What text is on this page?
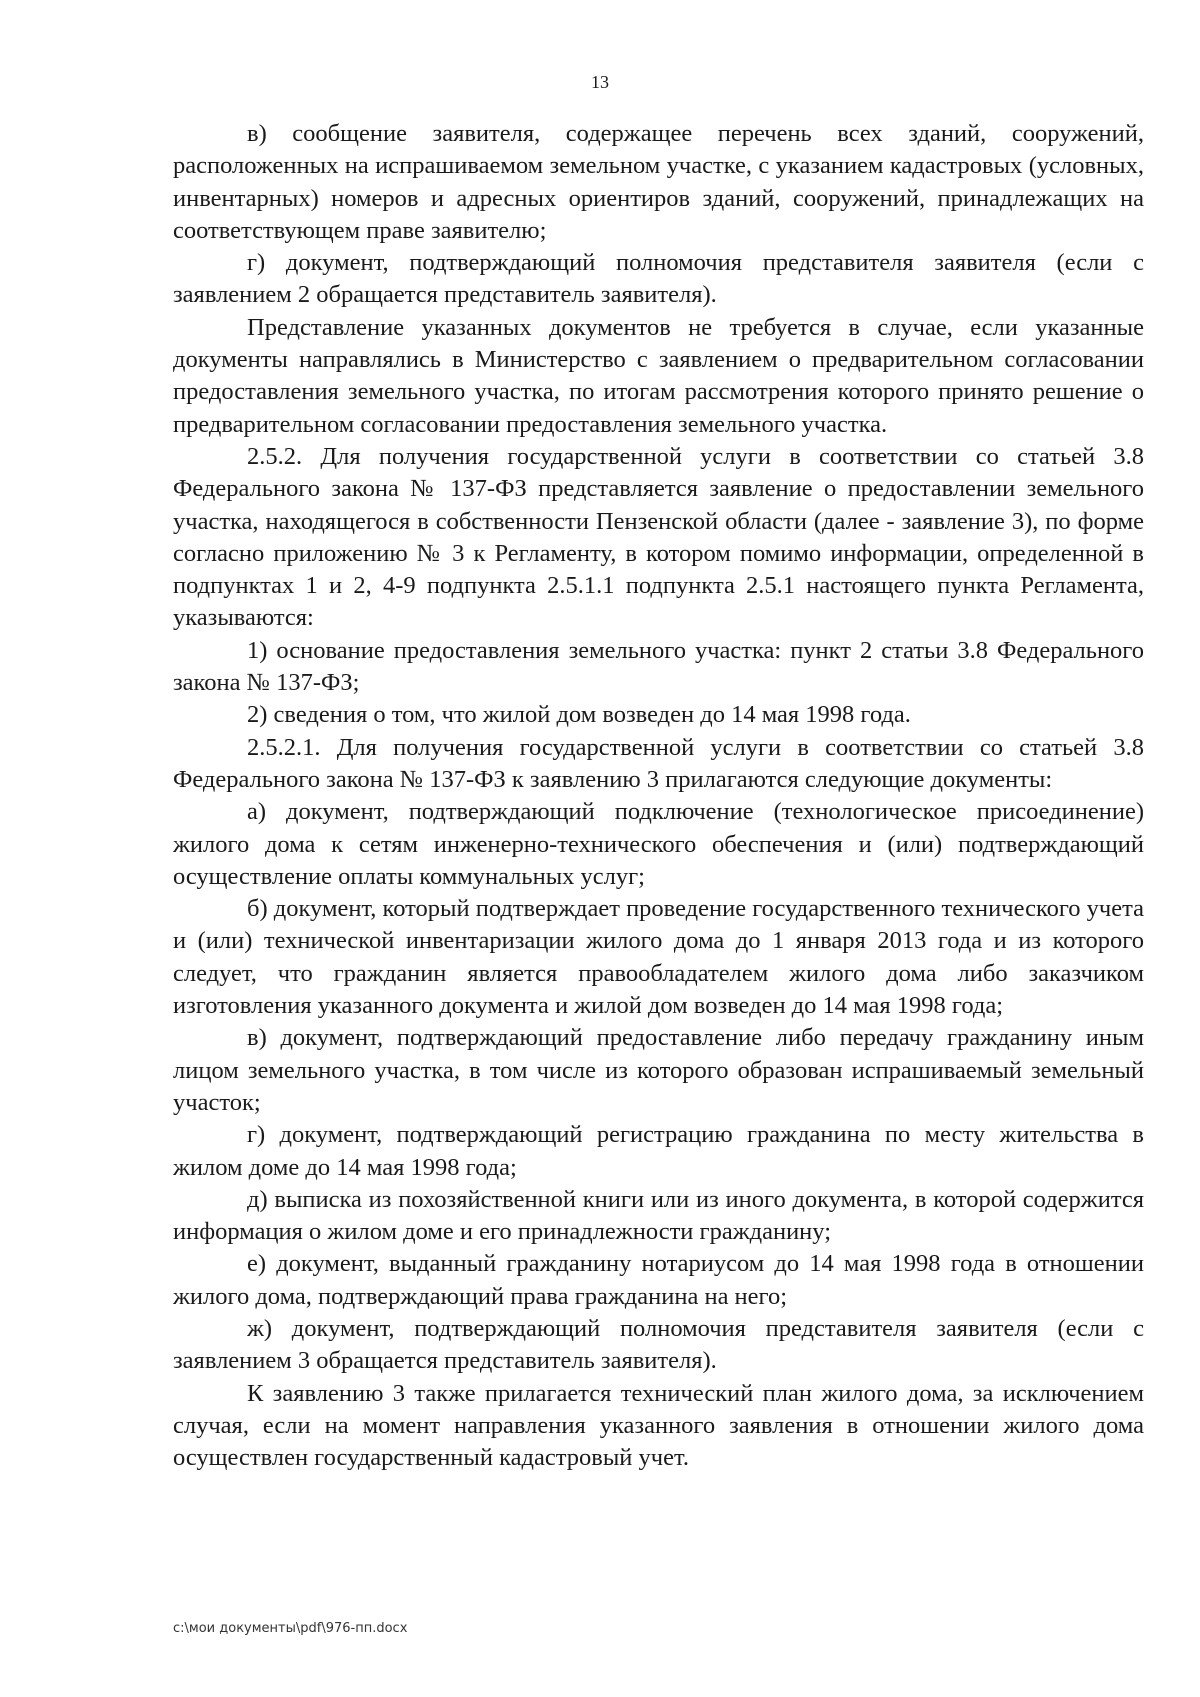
13

в) сообщение заявителя, содержащее перечень всех зданий, сооружений, расположенных на испрашиваемом земельном участке, с указанием кадастровых (условных, инвентарных) номеров и адресных ориентиров зданий, сооружений, принадлежащих на соответствующем праве заявителю;

г) документ, подтверждающий полномочия представителя заявителя (если с заявлением 2 обращается представитель заявителя).

Представление указанных документов не требуется в случае, если указанные документы направлялись в Министерство с заявлением о предварительном согласовании предоставления земельного участка, по итогам рассмотрения которого принято решение о предварительном согласовании предоставления земельного участка.

2.5.2. Для получения государственной услуги в соответствии со статьей 3.8 Федерального закона № 137-ФЗ представляется заявление о предоставлении земельного участка, находящегося в собственности Пензенской области (далее - заявление 3), по форме согласно приложению № 3 к Регламенту, в котором помимо информации, определенной в подпунктах 1 и 2, 4-9 подпункта 2.5.1.1 подпункта 2.5.1 настоящего пункта Регламента, указываются:

1) основание предоставления земельного участка: пункт 2 статьи 3.8 Федерального закона № 137-ФЗ;

2) сведения о том, что жилой дом возведен до 14 мая 1998 года.

2.5.2.1. Для получения государственной услуги в соответствии со статьей 3.8 Федерального закона № 137-ФЗ к заявлению 3 прилагаются следующие документы:

а) документ, подтверждающий подключение (технологическое присоединение) жилого дома к сетям инженерно-технического обеспечения и (или) подтверждающий осуществление оплаты коммунальных услуг;

б) документ, который подтверждает проведение государственного технического учета и (или) технической инвентаризации жилого дома до 1 января 2013 года и из которого следует, что гражданин является правообладателем жилого дома либо заказчиком изготовления указанного документа и жилой дом возведен до 14 мая 1998 года;

в) документ, подтверждающий предоставление либо передачу гражданину иным лицом земельного участка, в том числе из которого образован испрашиваемый земельный участок;

г) документ, подтверждающий регистрацию гражданина по месту жительства в жилом доме до 14 мая 1998 года;

д) выписка из похозяйственной книги или из иного документа, в которой содержится информация о жилом доме и его принадлежности гражданину;

е) документ, выданный гражданину нотариусом до 14 мая 1998 года в отношении жилого дома, подтверждающий права гражданина на него;

ж) документ, подтверждающий полномочия представителя заявителя (если с заявлением 3 обращается представитель заявителя).

К заявлению 3 также прилагается технический план жилого дома, за исключением случая, если на момент направления указанного заявления в отношении жилого дома осуществлен государственный кадастровый учет.

c:\мои документы\pdf\976-пп.docx
